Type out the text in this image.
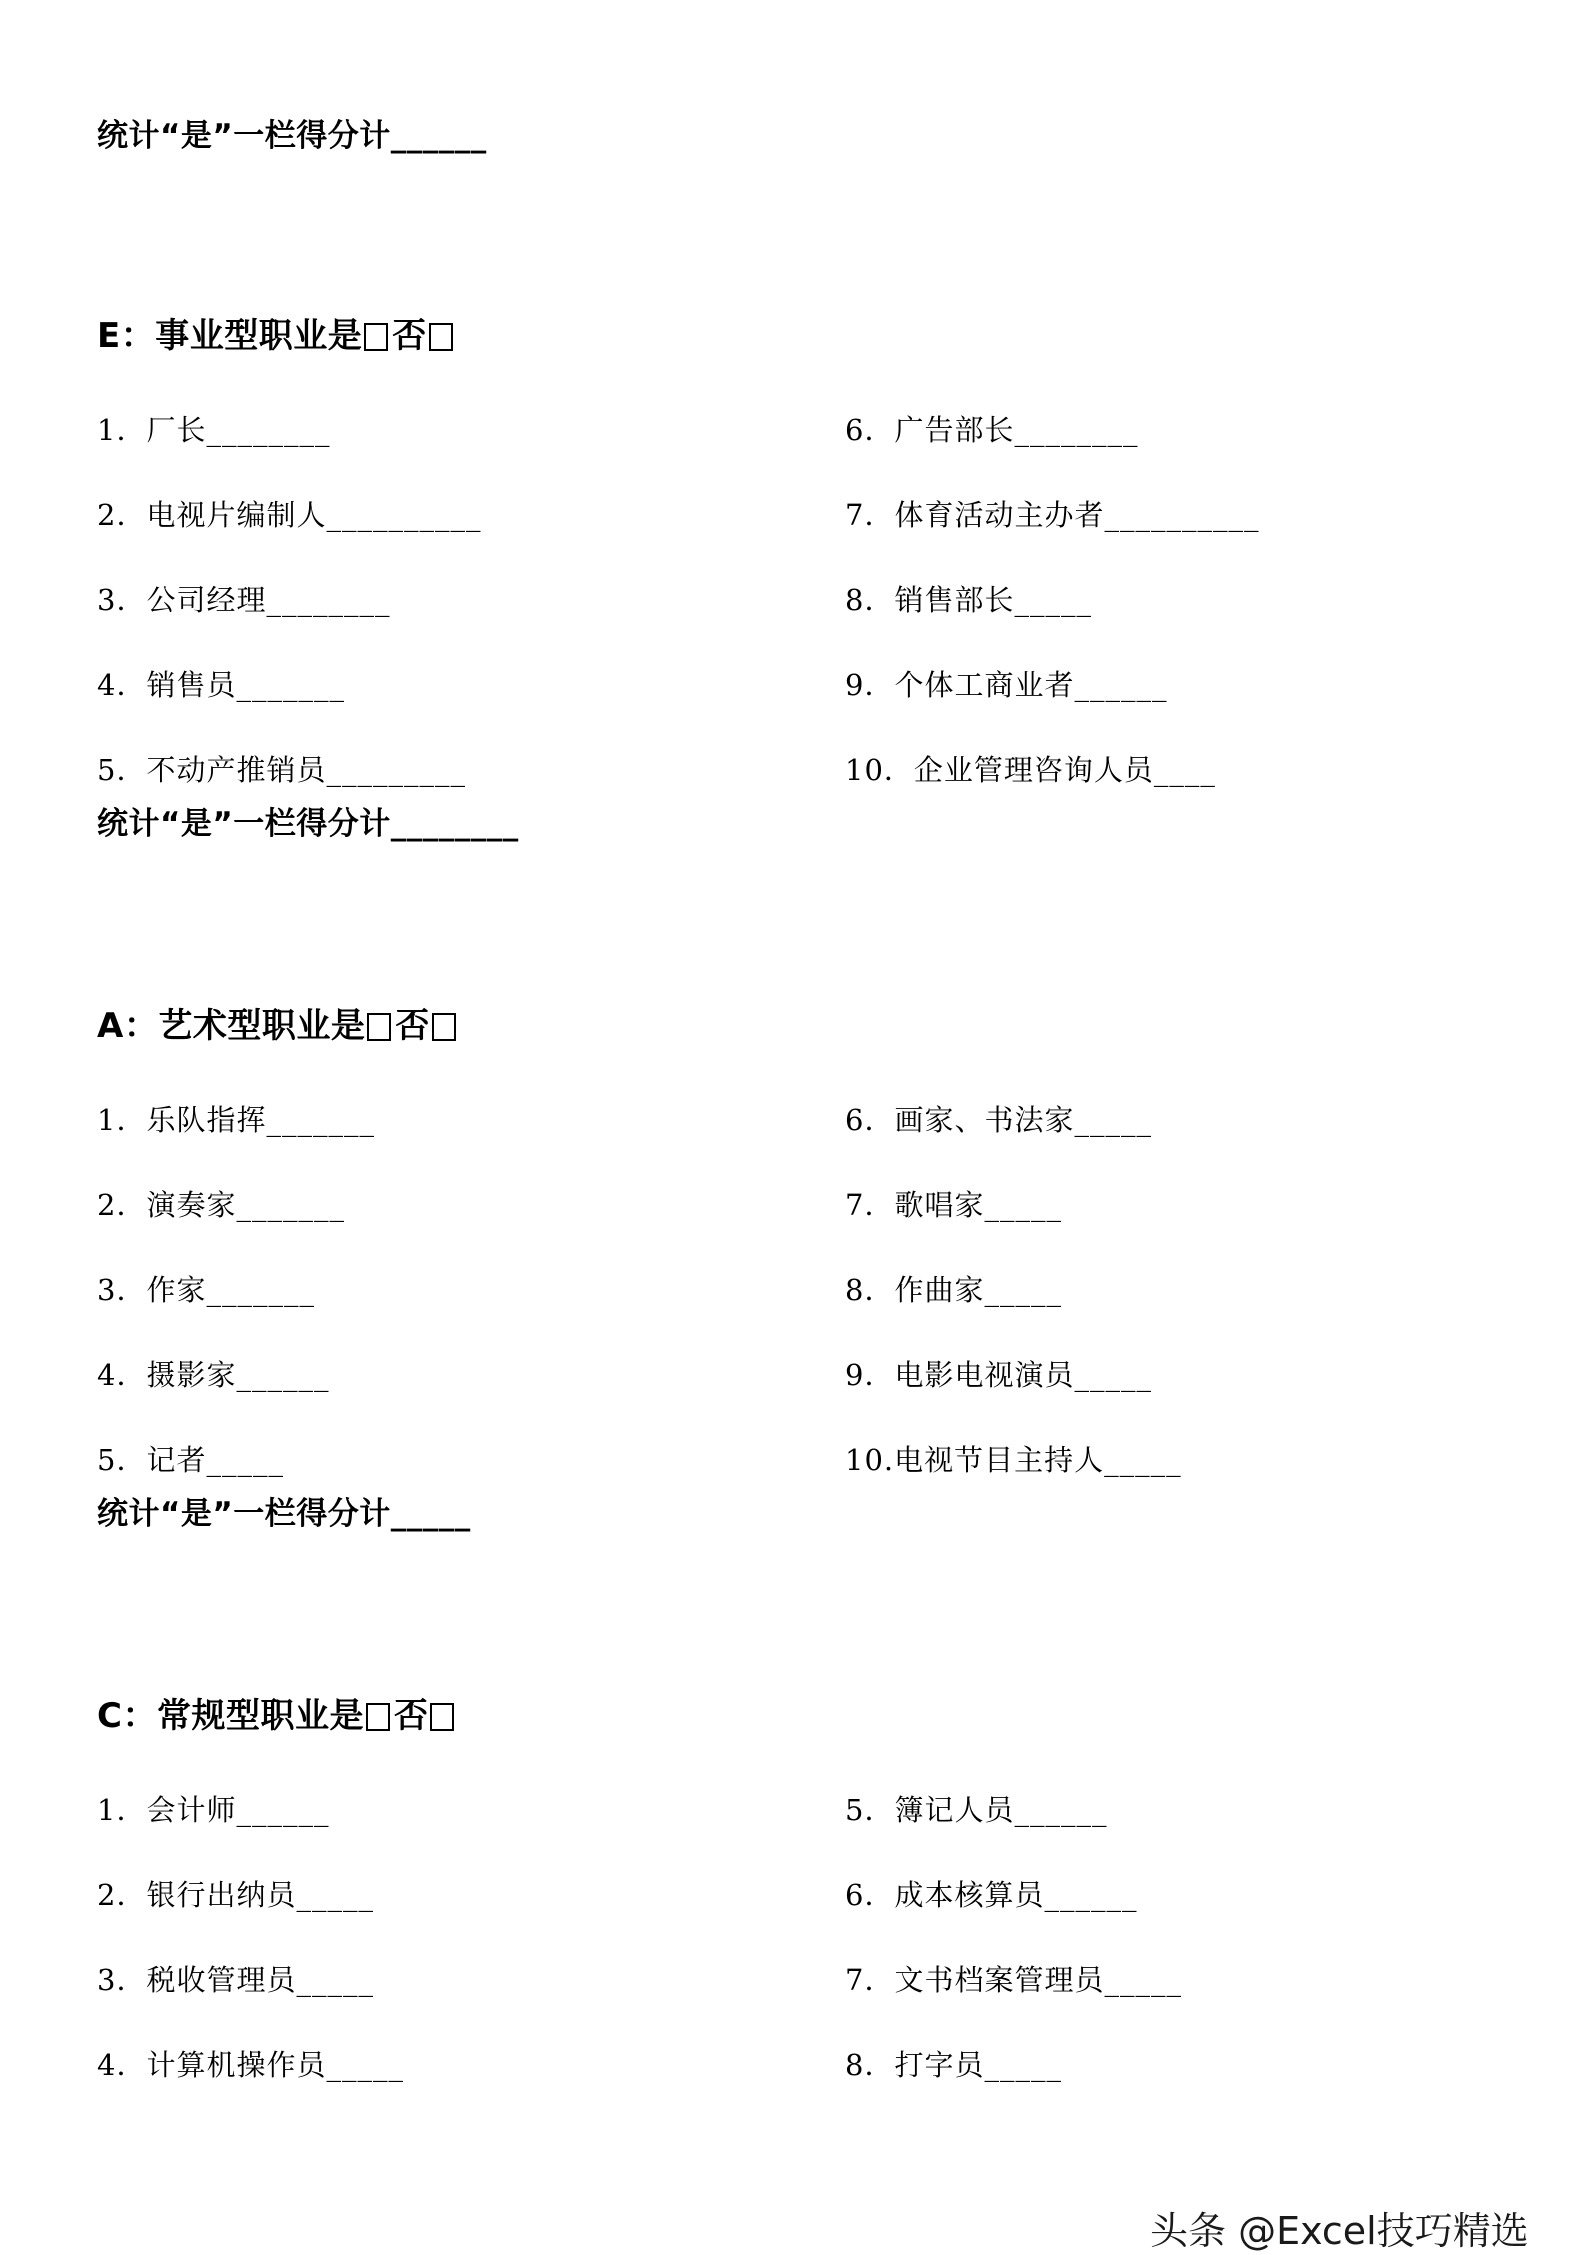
统计“是”一栏得分计______
E：事业型职业是 否
1．厂长________
2．电视片编制人__________
3．公司经理________
4．销售员_______
5．不动产推销员_________
6．广告部长________
7．体育活动主办者__________
8．销售部长_____
9．个体工商业者______
10．企业管理咨询人员____
统计“是”一栏得分计________
A：艺术型职业是 否
1．乐队指挥_______
2．演奏家_______
3．作家_______
4．摄影家______
5．记者_____
6．画家、书法家_____
7．歌唱家_____
8．作曲家_____
9．电影电视演员_____
10.电视节目主持人_____
统计“是”一栏得分计_____
C：常规型职业是 否
1．会计师______
2．银行出纳员_____
3．税收管理员_____
4．计算机操作员_____
5．簿记人员______
6．成本核算员______
7．文书档案管理员_____
8．打字员_____
头条 @Excel技巧精选
